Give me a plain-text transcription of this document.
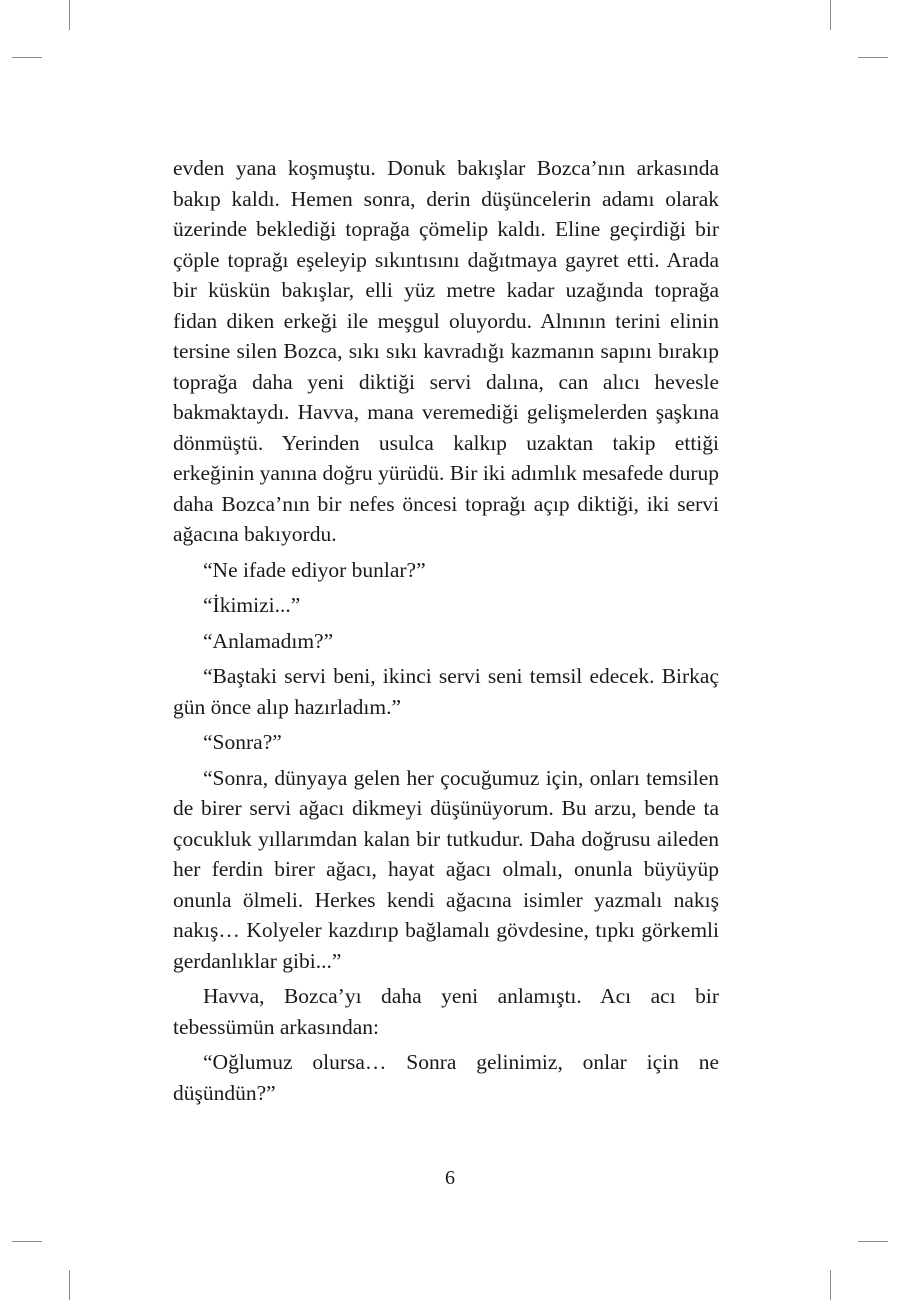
evden yana koşmuştu. Donuk bakışlar Bozca’nın arkasında bakıp kaldı. Hemen sonra, derin düşüncelerin adamı olarak üzerinde beklediği toprağa çömelip kaldı. Eline geçirdiği bir çöple toprağı eşeleyip sıkıntısını dağıtmaya gayret etti. Arada bir küskün bakışlar, elli yüz metre kadar uzağında toprağa fidan diken erkeği ile meşgul oluyordu. Alnının terini elinin tersine silen Bozca, sıkı sıkı kavradığı kazmanın sapını bırakıp toprağa daha yeni diktiği servi dalına, can alıcı hevesle bakmaktaydı. Havva, mana veremediği gelişmelerden şaşkına dönmüştü. Yerinden usulca kalkıp uzaktan takip ettiği erkeğinin yanına doğru yürüdü. Bir iki adımlık mesafede durup daha Bozca’nın bir nefes öncesi toprağı açıp diktiği, iki servi ağacına bakıyordu.

“Ne ifade ediyor bunlar?”

“İkimizi...”

“Anlamadım?”

“Baştaki servi beni, ikinci servi seni temsil edecek. Birkaç gün önce alıp hazırladım.”

“Sonra?”

“Sonra, dünyaya gelen her çocuğumuz için, onları temsilen de birer servi ağacı dikmeyi düşünüyorum. Bu arzu, bende ta çocukluk yıllarımdan kalan bir tutkudur. Daha doğrusu aileden her ferdin birer ağacı, hayat ağacı olmalı, onunla büyüyüp onunla ölmeli. Herkes kendi ağacına isimler yazmalı nakış nakış… Kolyeler kazdırıp bağlamalı gövdesine, tıpkı görkemli gerdanlıklar gibi...”

Havva, Bozca’yı daha yeni anlamıştı. Acı acı bir tebessümün arkasından:

“Oğlumuz olursa… Sonra gelinimiz, onlar için ne düşündün?”

6
